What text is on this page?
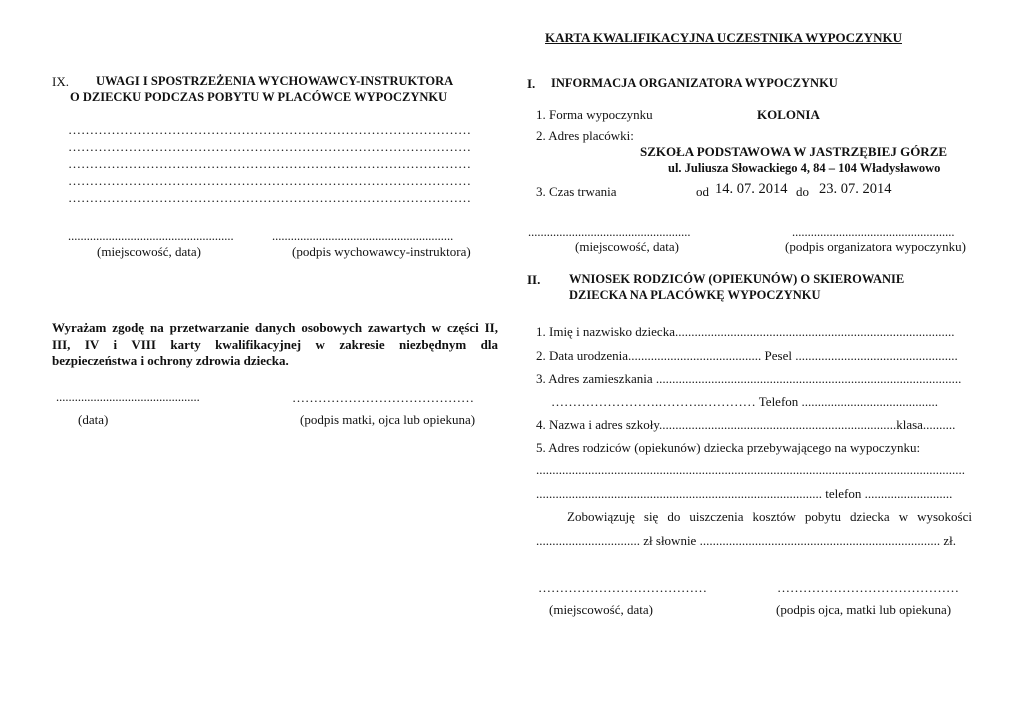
KARTA KWALIFIKACYJNA UCZESTNIKA WYPOCZYNKU
IX. UWAGI I SPOSTRZEŻENIA WYCHOWAWCY-INSTRUKTORA
O DZIECKU PODCZAS POBYTU W PLACÓWCE WYPOCZYNKU
…………………………………………………………………………………
…………………………………………………………………………………
…………………………………………………………………………………
…………………………………………………………………………………
…………………………………………………………………………………
.....................................................	..........................................................
(miejscowość, data)	(podpis wychowawcy-instruktora)
Wyrażam zgodę na przetwarzanie danych osobowych zawartych w części II,
III, IV i VIII karty kwalifikacyjnej w zakresie niezbędnym dla
bezpieczeństwa i ochrony zdrowia dziecka.
..............................................	……………………………………
(data)	(podpis matki, ojca lub opiekuna)
I. INFORMACJA ORGANIZATORA WYPOCZYNKU
1. Forma wypoczynku	KOLONIA
2. Adres placówki:
SZKOŁA PODSTAWOWA W JASTRZĘBIEJ GÓRZE
ul. Juliusza Słowackiego 4, 84 – 104 Władysławowo
3. Czas trwania	od 14. 07. 2014 do 23. 07. 2014
....................................................	....................................................
(miejscowość, data)	(podpis organizatora wypoczynku)
II. WNIOSEK RODZICÓW (OPIEKUNÓW) O SKIEROWANIE
DZIECKA NA PLACÓWKĘ WYPOCZYNKU
1. Imię i nazwisko dziecka......................................................................................
2. Data urodzenia......................................... Pesel ..................................................
3. Adres zamieszkania ..............................................................................................
…………………….………..………… Telefon ..........................................
4. Nazwa i adres szkoły.........................................................................klasa..........
5. Adres rodziców (opiekunów) dziecka przebywającego na wypoczynku:
....................................................................................................................................
........................................................................................ telefon ...........................
Zobowiązuję się do uiszczenia kosztów pobytu dziecka w wysokości
................................ zł słownie .......................................................................... zł.
…………………………………	……………………………………
(miejscowość, data)	(podpis ojca, matki lub opiekuna)
